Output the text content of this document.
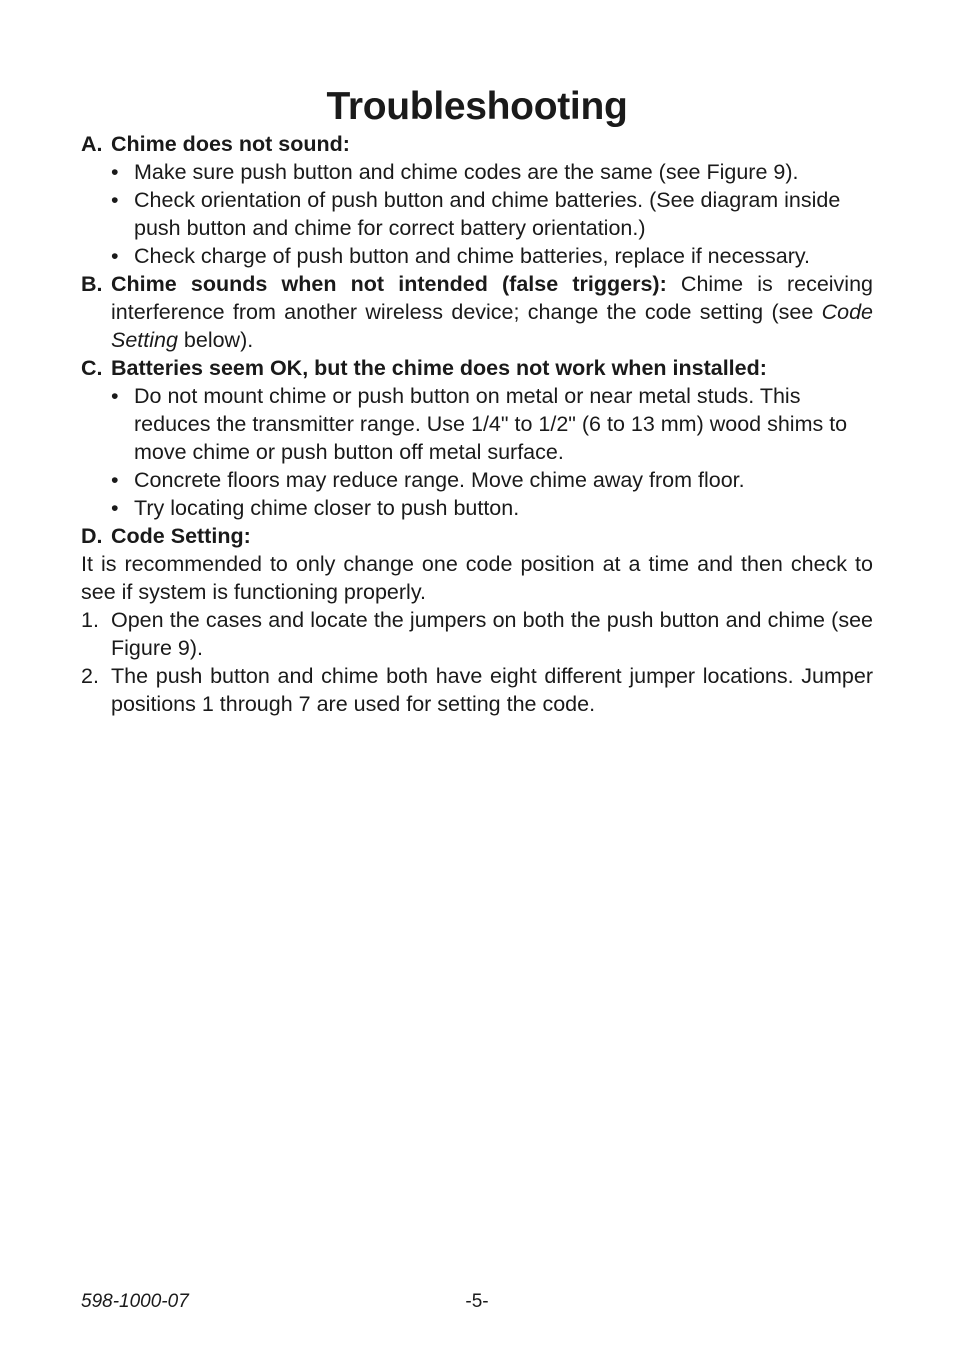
Troubleshooting
A. Chime does not sound:
• Make sure push button and chime codes are the same (see Figure 9).
• Check orientation of push button and chime batteries. (See diagram inside push button and chime for correct battery orientation.)
• Check charge of push button and chime batteries, replace if necessary.
B. Chime sounds when not intended (false triggers): Chime is receiving interference from another wireless device; change the code setting (see Code Setting below).
C. Batteries seem OK, but the chime does not work when installed:
• Do not mount chime or push button on metal or near metal studs. This reduces the transmitter range. Use 1/4" to 1/2" (6 to 13 mm) wood shims to move chime or push button off metal surface.
• Concrete floors may reduce range. Move chime away from floor.
• Try locating chime closer to push button.
D. Code Setting:
It is recommended to only change one code position at a time and then check to see if system is functioning properly.
1. Open the cases and locate the jumpers on both the push button and chime (see Figure 9).
2. The push button and chime both have eight different jumper locations. Jumper positions 1 through 7 are used for setting the code.
598-1000-07	-5-
